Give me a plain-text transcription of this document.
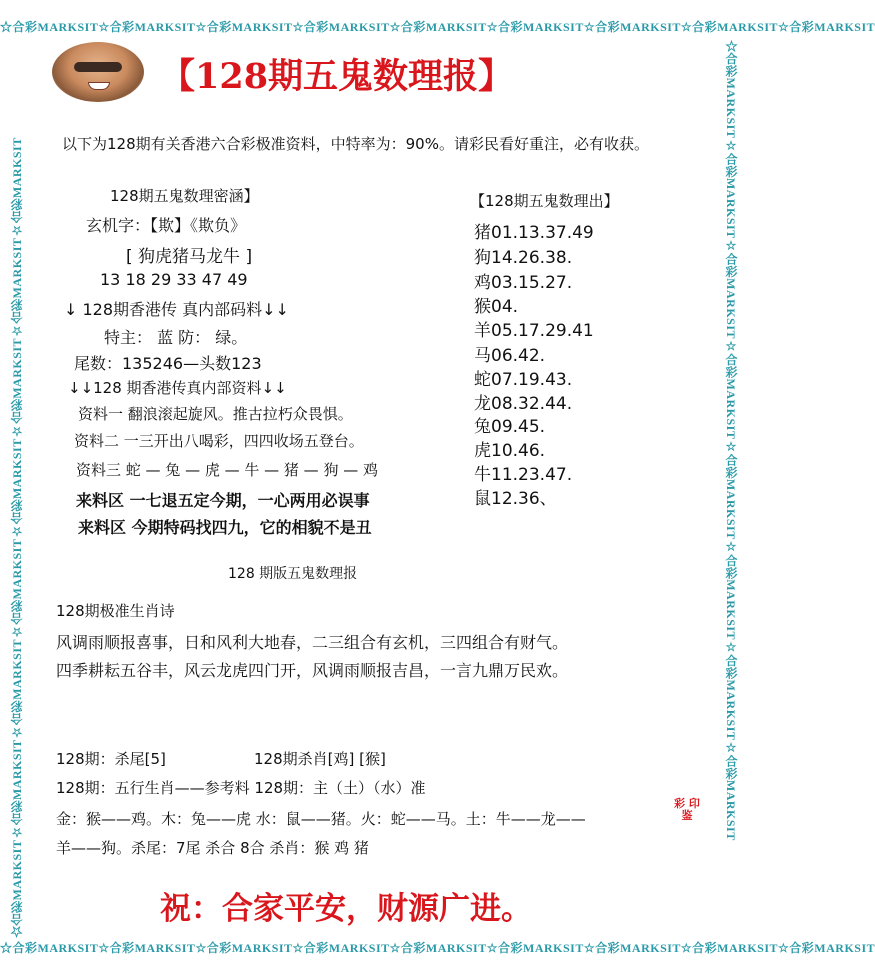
☆合彩MARKSIT☆合彩MARKSIT☆合彩MARKSIT☆合彩MARKSIT☆合彩MARKSIT☆合彩MARKSIT☆合彩MARKSIT☆合彩MARKSIT☆合彩MARKSIT
☆合彩MARKSIT☆合彩MARKSIT☆合彩MARKSIT☆合彩MARKSIT☆合彩MARKSIT☆合彩MARKSIT☆合彩MARKSIT☆合彩MARKSIT☆合彩MARKSIT
☆合彩MARKSIT☆合彩MARKSIT☆合彩MARKSIT☆合彩MARKSIT☆合彩MARKSIT☆合彩MARKSIT☆合彩MARKSIT☆合彩MARKSIT	☆合彩MARKSIT☆合彩MARKSIT☆合彩MARKSIT☆合彩MARKSIT☆合彩MARKSIT☆合彩MARKSIT☆合彩MARKSIT☆合彩MARKSIT
【128期五鬼数理报】
以下为128期有关香港六合彩极准资料，中特率为：90%。请彩民看好重注，必有收获。
128期五鬼数理密涵】
玄机字：【欺】《欺负》
[ 狗虎猪马龙牛 ]
13 18 29 33 47 49
↓ 128期香港传 真内部码料↓↓
特主： 蓝 防： 绿。
尾数：135246—头数123
↓↓128 期香港传真内部资料↓↓
资料一 翻浪滚起旋风。推古拉朽众畏惧。
资料二 一三开出八喝彩，四四收场五登台。
资料三 蛇 — 兔 — 虎 — 牛 — 猪 — 狗 — 鸡
来料区 一七退五定今期，一心两用必误事
来料区 今期特码找四九，它的相貌不是丑
【128期五鬼数理出】
猪01.13.37.49
狗14.26.38.
鸡03.15.27.
猴04.
羊05.17.29.41
马06.42.
蛇07.19.43.
龙08.32.44.
兔09.45.
虎10.46.
牛11.23.47.
鼠12.36、
128 期版五鬼数理报
128期极准生肖诗
风调雨顺报喜事，日和风利大地春，二三组合有玄机，三四组合有财气。
四季耕耘五谷丰，风云龙虎四门开，风调雨顺报吉昌，一言九鼎万民欢。
128期：杀尾[5]	128期杀肖[鸡] [猴]
128期：五行生肖——参考料 128期：主（土）（水）准
金：猴——鸡。木：兔——虎 水：鼠——猪。火：蛇——马。土：牛——龙——
羊——狗。杀尾：7尾 杀合 8合 杀肖：猴 鸡 猪
彩 印 鉴
祝：合家平安，财源广进。
